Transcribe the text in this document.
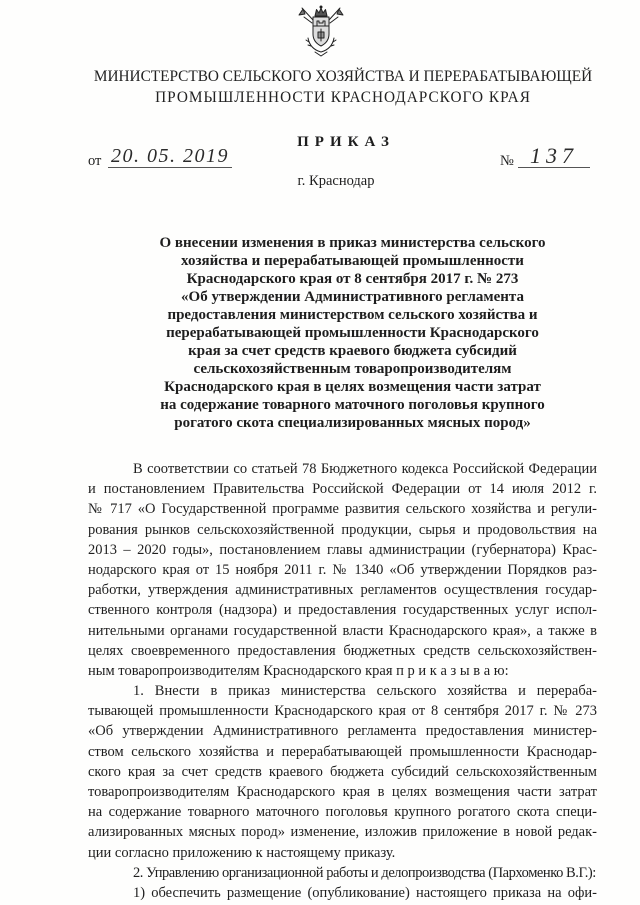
МИНИСТЕРСТВО СЕЛЬСКОГО ХОЗЯЙСТВА И ПЕРЕРАБАТЫВАЮЩЕЙ
ПРОМЫШЛЕННОСТИ КРАСНОДАРСКОГО КРАЯ
ПРИКАЗ
от 20. 05. 2019	№ 137
г. Краснодар
О внесении изменения в приказ министерства сельского
хозяйства и перерабатывающей промышленности
Краснодарского края от 8 сентября 2017 г. № 273
«Об утверждении Административного регламента
предоставления министерством сельского хозяйства и
перерабатывающей промышленности Краснодарского
края за счет средств краевого бюджета субсидий
сельскохозяйственным товаропроизводителям
Краснодарского края в целях возмещения части затрат
на содержание товарного маточного поголовья крупного
рогатого скота специализированных мясных пород»
В соответствии со статьей 78 Бюджетного кодекса Российской Федерации
и постановлением Правительства Российской Федерации от 14 июля 2012 г.
№ 717 «О Государственной программе развития сельского хозяйства и регули-
рования рынков сельскохозяйственной продукции, сырья и продовольствия на
2013 – 2020 годы», постановлением главы администрации (губернатора) Крас-
нодарского края от 15 ноября 2011 г. № 1340 «Об утверждении Порядков раз-
работки, утверждения административных регламентов осуществления государ-
ственного контроля (надзора) и предоставления государственных услуг испол-
нительными органами государственной власти Краснодарского края», а также в
целях своевременного предоставления бюджетных средств сельскохозяйствен-
ным товаропроизводителям Краснодарского края п р и к а з ы в а ю:
1. Внести в приказ министерства сельского хозяйства и перераба-
тывающей промышленности Краснодарского края от 8 сентября 2017 г. № 273
«Об утверждении Административного регламента предоставления министер-
ством сельского хозяйства и перерабатывающей промышленности Краснодар-
ского края за счет средств краевого бюджета субсидий сельскохозяйственным
товаропроизводителям Краснодарского края в целях возмещения части затрат
на содержание товарного маточного поголовья крупного рогатого скота специ-
ализированных мясных пород» изменение, изложив приложение в новой редак-
ции согласно приложению к настоящему приказу.
2. Управлению организационной работы и делопроизводства (Пархоменко В.Г.):
1) обеспечить размещение (опубликование) настоящего приказа на офи-
